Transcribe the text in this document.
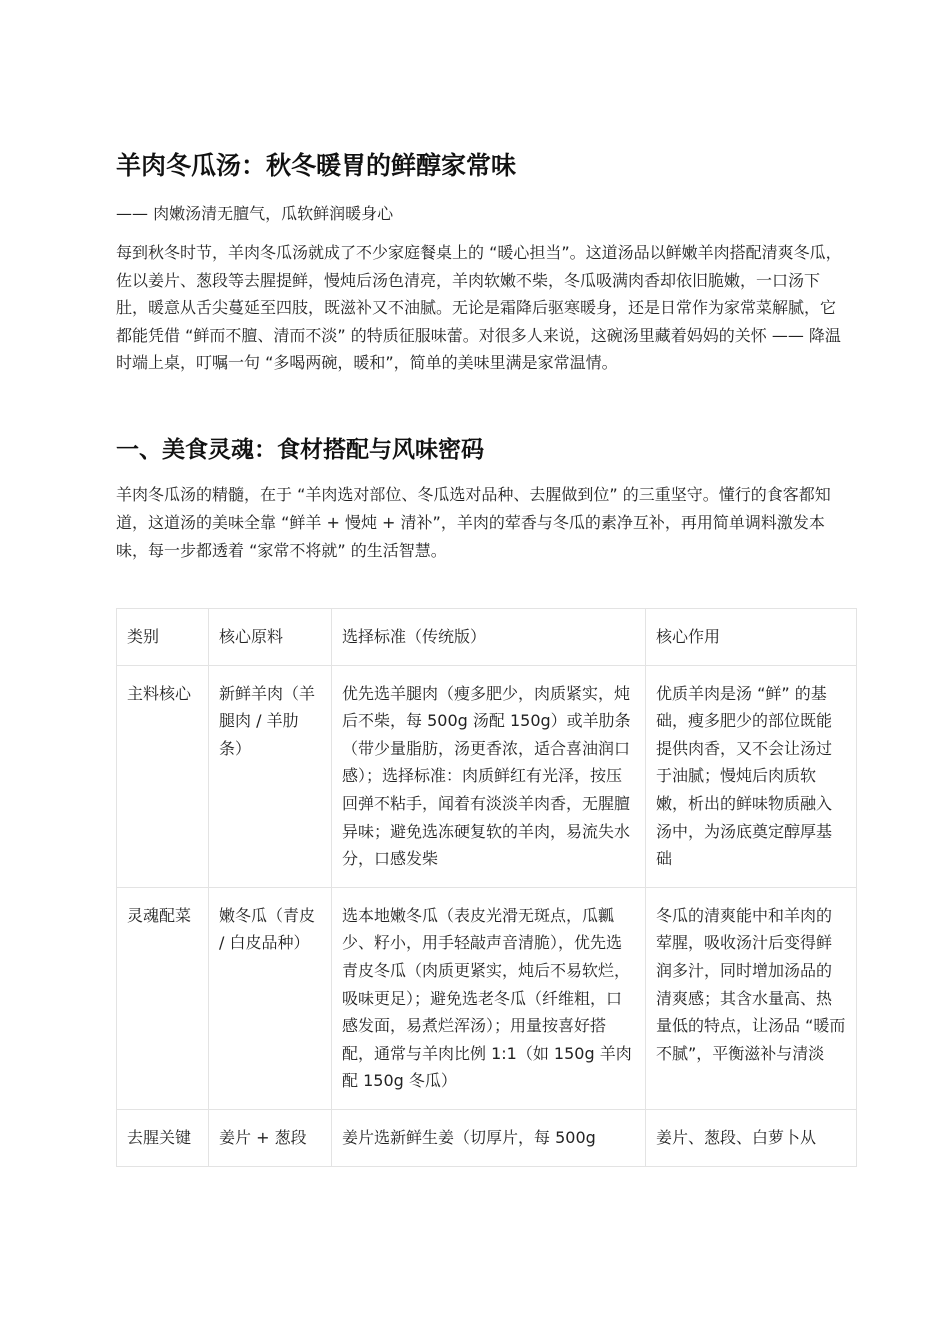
羊肉冬瓜汤：秋冬暖胃的鲜醇家常味

—— 肉嫩汤清无膻气，瓜软鲜润暖身心

每到秋冬时节，羊肉冬瓜汤就成了不少家庭餐桌上的 “暖心担当”。这道汤品以鲜嫩羊肉搭配清爽冬瓜，佐以姜片、葱段等去腥提鲜，慢炖后汤色清亮，羊肉软嫩不柴，冬瓜吸满肉香却依旧脆嫩，一口汤下肚，暖意从舌尖蔓延至四肢，既滋补又不油腻。无论是霜降后驱寒暖身，还是日常作为家常菜解腻，它都能凭借 “鲜而不膻、清而不淡” 的特质征服味蕾。对很多人来说，这碗汤里藏着妈妈的关怀 —— 降温时端上桌，叮嘱一句 “多喝两碗，暖和”，简单的美味里满是家常温情。

一、美食灵魂：食材搭配与风味密码

羊肉冬瓜汤的精髓，在于 “羊肉选对部位、冬瓜选对品种、去腥做到位” 的三重坚守。懂行的食客都知道，这道汤的美味全靠 “鲜羊 + 慢炖 + 清补”，羊肉的荤香与冬瓜的素净互补，再用简单调料激发本味，每一步都透着 “家常不将就” 的生活智慧。

类别	核心原料	选择标准（传统版）	核心作用
主料核心	新鲜羊肉（羊腿肉 / 羊肋条）	优先选羊腿肉（瘦多肥少，肉质紧实，炖后不柴，每 500g 汤配 150g）或羊肋条（带少量脂肪，汤更香浓，适合喜油润口感）；选择标准：肉质鲜红有光泽，按压回弹不粘手，闻着有淡淡羊肉香，无腥膻异味；避免选冻硬复软的羊肉，易流失水分，口感发柴	优质羊肉是汤 “鲜” 的基础，瘦多肥少的部位既能提供肉香，又不会让汤过于油腻；慢炖后肉质软嫩，析出的鲜味物质融入汤中，为汤底奠定醇厚基础
灵魂配菜	嫩冬瓜（青皮 / 白皮品种）	选本地嫩冬瓜（表皮光滑无斑点，瓜瓤少、籽小，用手轻敲声音清脆），优先选青皮冬瓜（肉质更紧实，炖后不易软烂，吸味更足）；避免选老冬瓜（纤维粗，口感发面，易煮烂浑汤）；用量按喜好搭配，通常与羊肉比例 1:1（如 150g 羊肉配 150g 冬瓜）	冬瓜的清爽能中和羊肉的荤腥，吸收汤汁后变得鲜润多汁，同时增加汤品的清爽感；其含水量高、热量低的特点，让汤品 “暖而不腻”，平衡滋补与清淡
去腥关键	姜片 + 葱段	姜片选新鲜生姜（切厚片，每 500g	姜片、葱段、白萝卜从
